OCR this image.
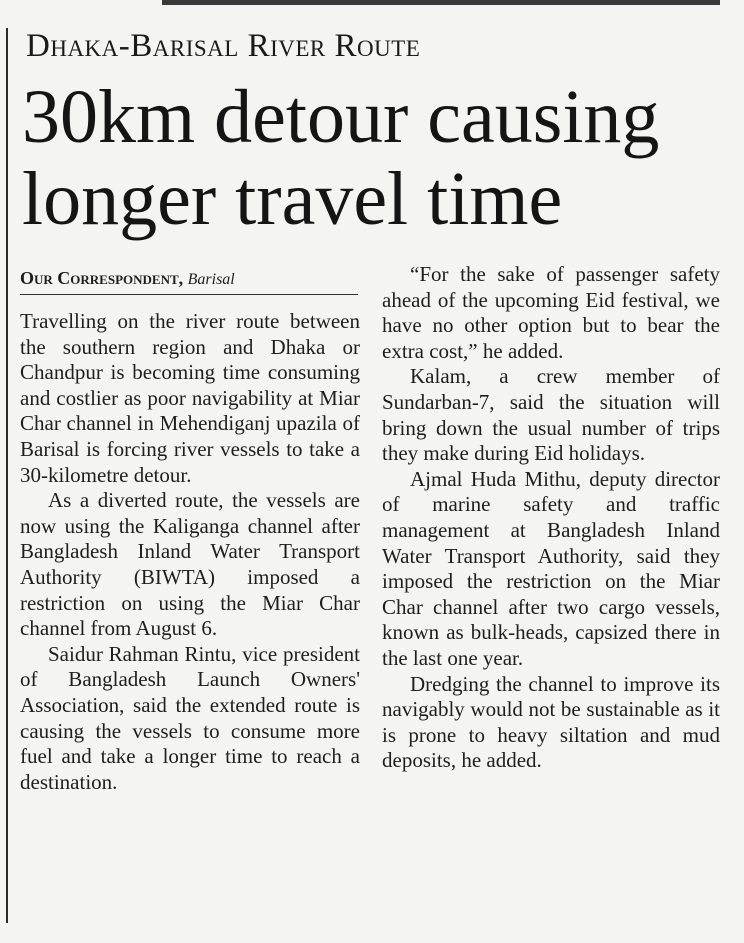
Dhaka-Barisal River Route
30km detour causing longer travel time
Our Correspondent, Barisal

Travelling on the river route between the southern region and Dhaka or Chandpur is becoming time consuming and costlier as poor navigability at Miar Char channel in Mehendiganj upazila of Barisal is forcing river vessels to take a 30-kilometre detour.

As a diverted route, the vessels are now using the Kaliganga channel after Bangladesh Inland Water Transport Authority (BIWTA) imposed a restriction on using the Miar Char channel from August 6.

Saidur Rahman Rintu, vice president of Bangladesh Launch Owners' Association, said the extended route is causing the vessels to consume more fuel and take a longer time to reach a destination.

“For the sake of passenger safety ahead of the upcoming Eid festival, we have no other option but to bear the extra cost,” he added.

Kalam, a crew member of Sundarban-7, said the situation will bring down the usual number of trips they make during Eid holidays.

Ajmal Huda Mithu, deputy director of marine safety and traffic management at Bangladesh Inland Water Transport Authority, said they imposed the restriction on the Miar Char channel after two cargo vessels, known as bulk-heads, capsized there in the last one year.

Dredging the channel to improve its navigably would not be sustainable as it is prone to heavy siltation and mud deposits, he added.
